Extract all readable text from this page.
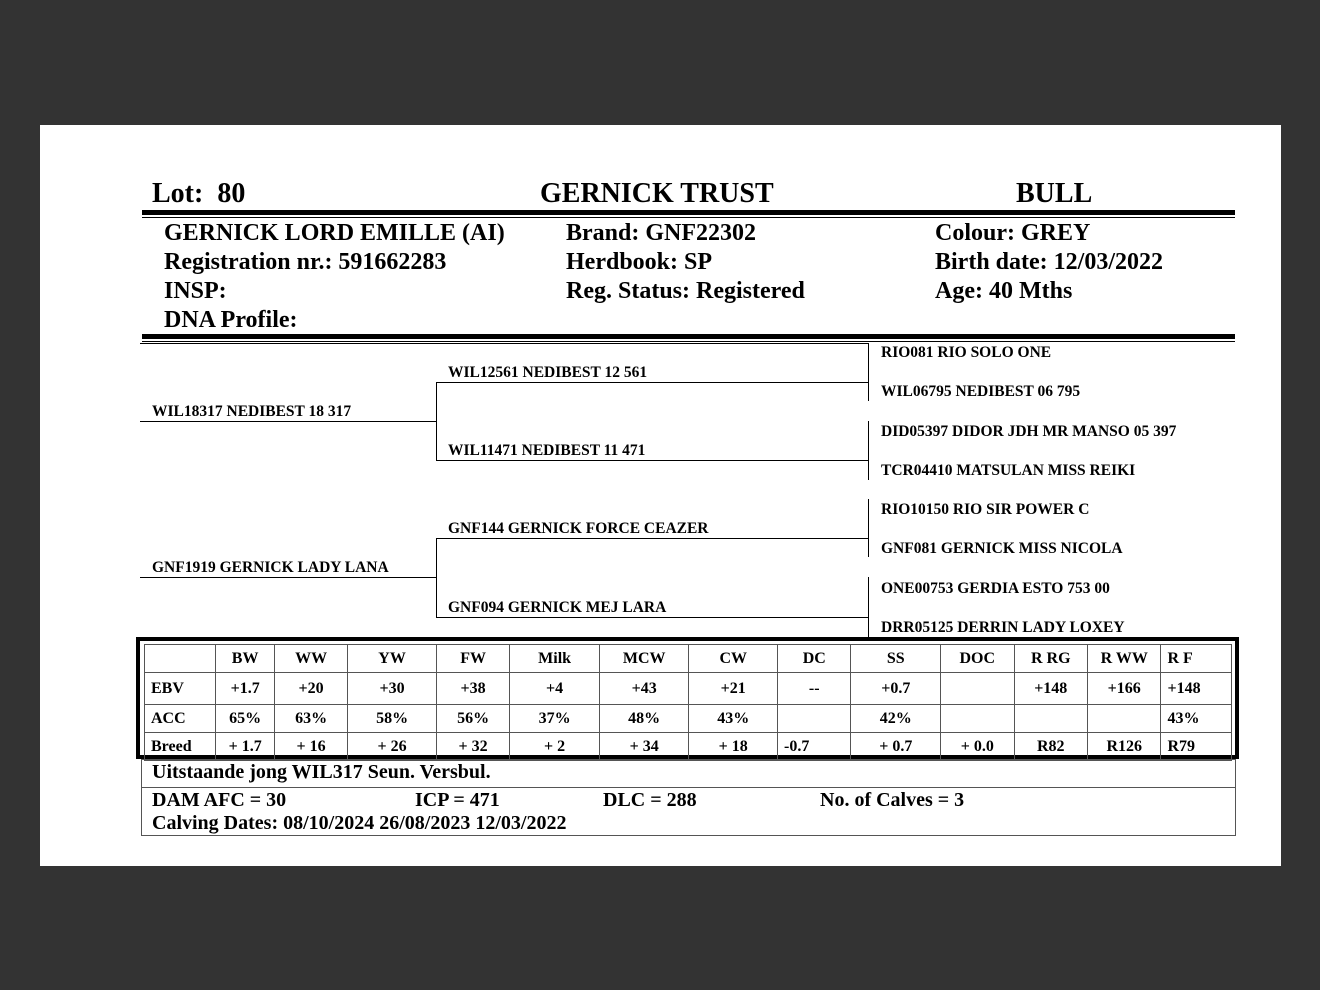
Lot: 80	GERNICK TRUST	BULL
GERNICK LORD EMILLE (AI)
Registration nr.: 591662283
INSP:
DNA Profile:
Brand: GNF22302
Herdbook: SP
Reg. Status: Registered
Colour: GREY
Birth date: 12/03/2022
Age: 40 Mths
WIL18317 NEDIBEST 18 317
GNF1919 GERNICK LADY LANA
WIL12561 NEDIBEST 12 561
WIL11471 NEDIBEST 11 471
GNF144 GERNICK FORCE CEAZER
GNF094 GERNICK MEJ LARA
RIO081 RIO SOLO ONE
WIL06795 NEDIBEST 06 795
DID05397 DIDOR JDH MR MANSO 05 397
TCR04410 MATSULAN MISS REIKI
RIO10150 RIO SIR POWER C
GNF081 GERNICK MISS NICOLA
ONE00753 GERDIA ESTO 753 00
DRR05125 DERRIN LADY LOXEY
	BW	WW	YW	FW	Milk	MCW	CW	DC	SS	DOC	R RG	R WW	R F
EBV	+1.7	+20	+30	+38	+4	+43	+21	--	+0.7		+148	+166	+148
ACC	65%	63%	58%	56%	37%	48%	43%		42%				43%
Breed	+ 1.7	+ 16	+ 26	+ 32	+ 2	+ 34	+ 18	-0.7	+ 0.7	+ 0.0	R82	R126	R79
Uitstaande jong WIL317 Seun. Versbul.
DAM AFC = 30	ICP = 471	DLC = 288	No. of Calves = 3
Calving Dates: 08/10/2024 26/08/2023 12/03/2022
